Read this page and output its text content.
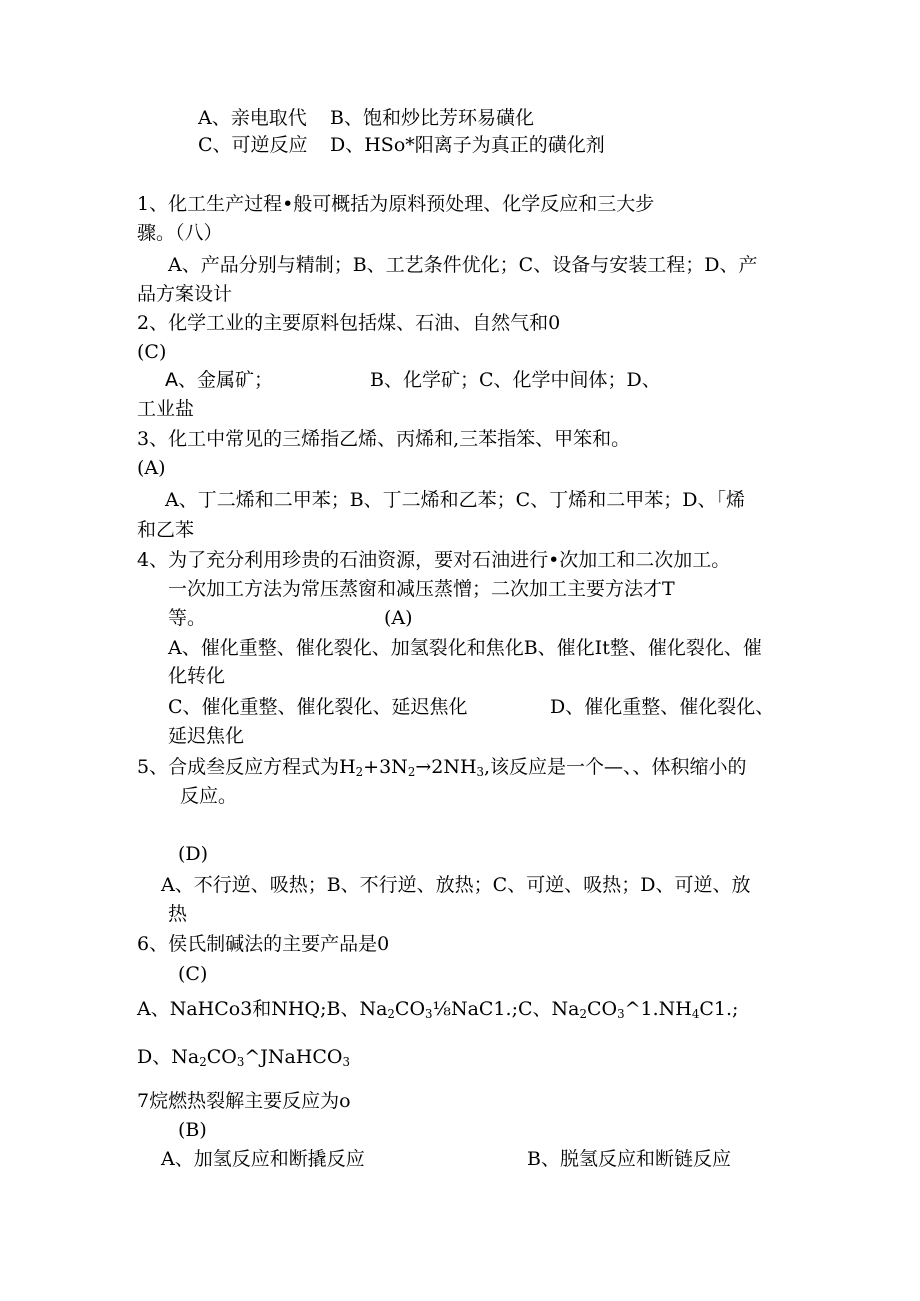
A、亲电取代 B、饱和炒比芳环易磺化
C、可逆反应 D、HSo*阳离子为真正的磺化剂
1、化工生产过程•般可概括为原料预处理、化学反应和三大步
骤。（八）
A、产品分别与精制；B、工艺条件优化；C、设备与安装工程；D、产
品方案设计
2、化学工业的主要原料包括煤、石油、自然气和0
(C)
A、金属矿；	B、化学矿；C、化学中间体；D、
工业盐
3、化工中常见的三烯指乙烯、丙烯和,三苯指笨、甲笨和。
(A)
A、丁二烯和二甲苯；B、丁二烯和乙苯；C、丁烯和二甲苯；D、「烯
和乙苯
4、为了充分利用珍贵的石油资源，要对石油进行•次加工和二次加工。
一次加工方法为常压蒸窗和减压蒸憎；二次加工主要方法才T
等。	(A)
A、催化重整、催化裂化、加氢裂化和焦化B、催化It整、催化裂化、催
化转化
C、催化重整、催化裂化、延迟焦化	D、催化重整、催化裂化、
延迟焦化
5、合成叁反应方程式为$H_2+3N_2\to 2NH_3$,该反应是一个—、、体积缩小的
反应。
(D)
A、不行逆、吸热；B、不行逆、放热；C、可逆、吸热；D、可逆、放
热
6、侯氏制碱法的主要产品是0
(C)
A、NaHCo3和NHQ;B、$Na_2CO_3\frac{1}{8}NaC1.;C$、$Na_2CO_3\^{}1.NH_4C1$.;
D、$Na_2CO_3\^{}JNaHCO_3$
7烷燃热裂解主要反应为o
(B)
A、加氢反应和断撬反应	B、脱氢反应和断链反应
